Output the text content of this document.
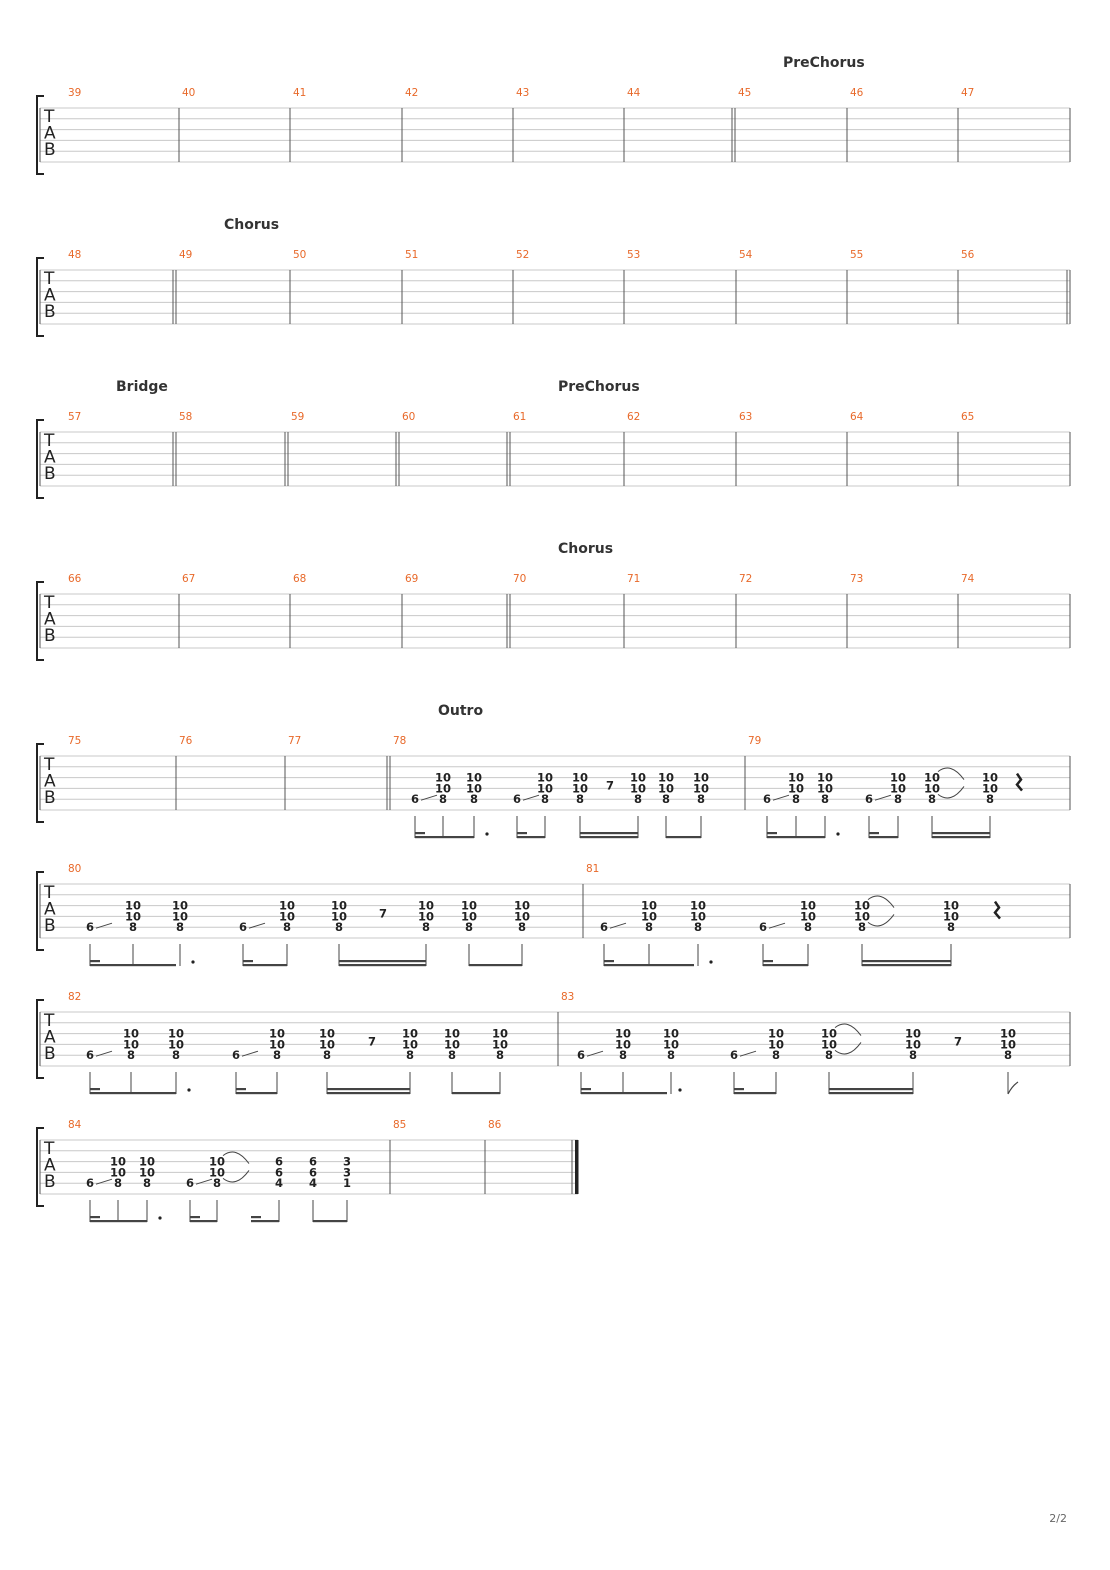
T
A
B
39	40	41	42	43	44	45	46	47
PreChorus
T
A
B
48	49	50	51	52	53	54	55	56
Chorus
T
A
B
57	58	59	60	61	62	63	64	65
Bridge	PreChorus
T
A
B
66	67	68	69	70	71	72	73	74
Chorus
T
A
B
75	76	77	78	79
Outro
T
A
B
80	81
T
A
B
82	83
T
A
B
84	85	86
6
10
10
8
10
10
8	6
10
10
8
10
10
8
7
10
10
8
10
10
8
10
10
8	6
10
10
8
10
10
8	6
10
10
8
10
10
8
10
10
8
6
10
10
8
10
10
8	6
10
10
8
10
10
8
7
10
10
8
10
10
8
10
10
8	6
10
10
8
10
10
8	6
10
10
8
10
10
8
10
10
8
6
10
10
8
10
10
8	6
10
10
8
10
10
8
7
10
10
8
10
10
8
10
10
8	6
10
10
8
10
10
8	6
10
10
8
10
10
8
10
10
8
7
10
10
8
6
10
10
8
10
10
8	6
10
10
8
6
6
4
6
6
4
3
3
1
2/2
